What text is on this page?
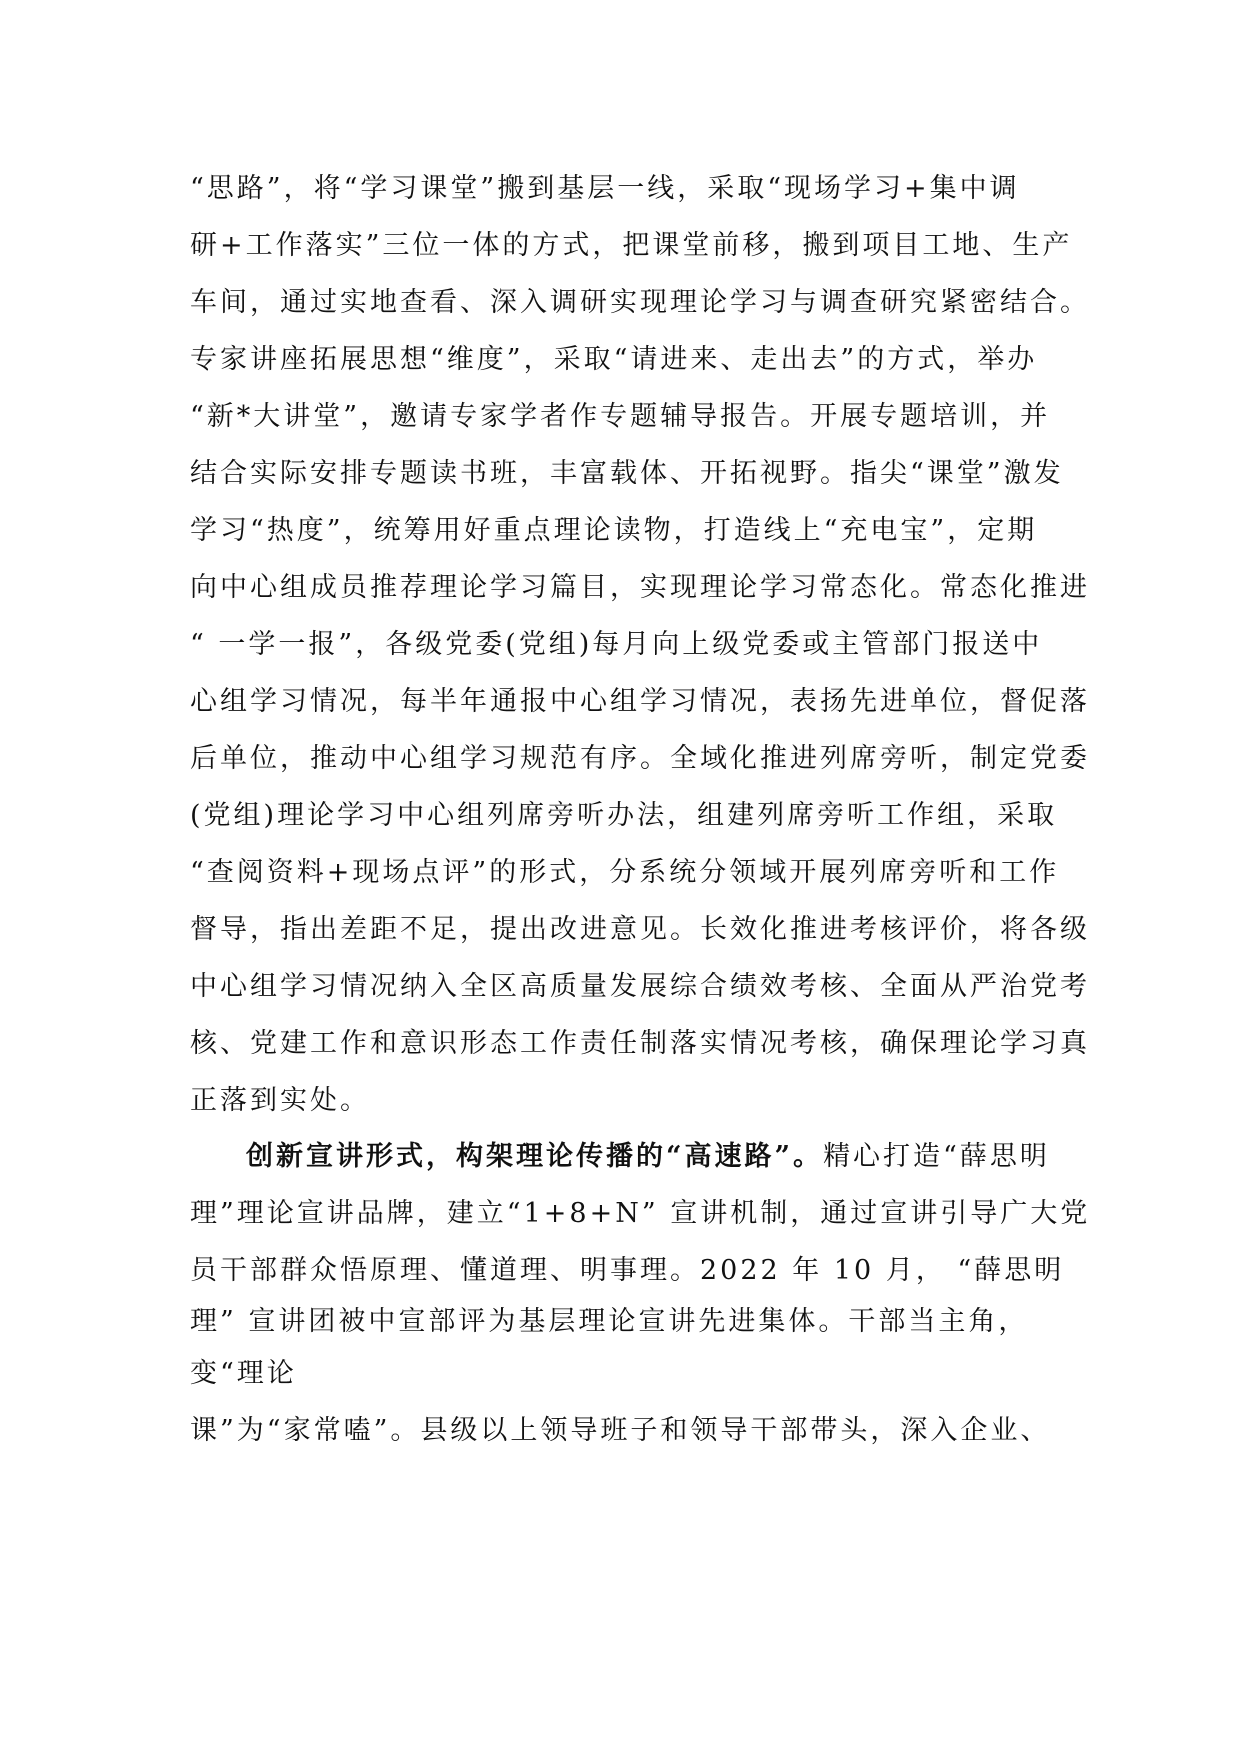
“思路”，将“学习课堂”搬到基层一线，采取“现场学习+集中调
研+工作落实”三位一体的方式，把课堂前移，搬到项目工地、生产
车间，通过实地查看、深入调研实现理论学习与调查研究紧密结合。
专家讲座拓展思想“维度”，采取“请进来、走出去”的方式，举办
“新*大讲堂”，邀请专家学者作专题辅导报告。开展专题培训，并
结合实际安排专题读书班，丰富载体、开拓视野。指尖“课堂”激发
学习“热度”，统筹用好重点理论读物，打造线上“充电宝”，定期
向中心组成员推荐理论学习篇目，实现理论学习常态化。常态化推进
“ 一学一报”，各级党委(党组)每月向上级党委或主管部门报送中
心组学习情况，每半年通报中心组学习情况，表扬先进单位，督促落
后单位，推动中心组学习规范有序。全域化推进列席旁听，制定党委
(党组)理论学习中心组列席旁听办法，组建列席旁听工作组，采取
“查阅资料+现场点评”的形式，分系统分领域开展列席旁听和工作
督导，指出差距不足，提出改进意见。长效化推进考核评价，将各级
中心组学习情况纳入全区高质量发展综合绩效考核、全面从严治党考
核、党建工作和意识形态工作责任制落实情况考核，确保理论学习真
正落到实处。
创新宣讲形式，构架理论传播的“高速路”。精心打造“薛思明
理”理论宣讲品牌，建立“1+8+N” 宣讲机制，通过宣讲引导广大党
员干部群众悟原理、懂道理、明事理。2022 年 10 月， “薛思明
理” 宣讲团被中宣部评为基层理论宣讲先进集体。干部当主角，
变“理论
课”为“家常嗑”。县级以上领导班子和领导干部带头，深入企业、
